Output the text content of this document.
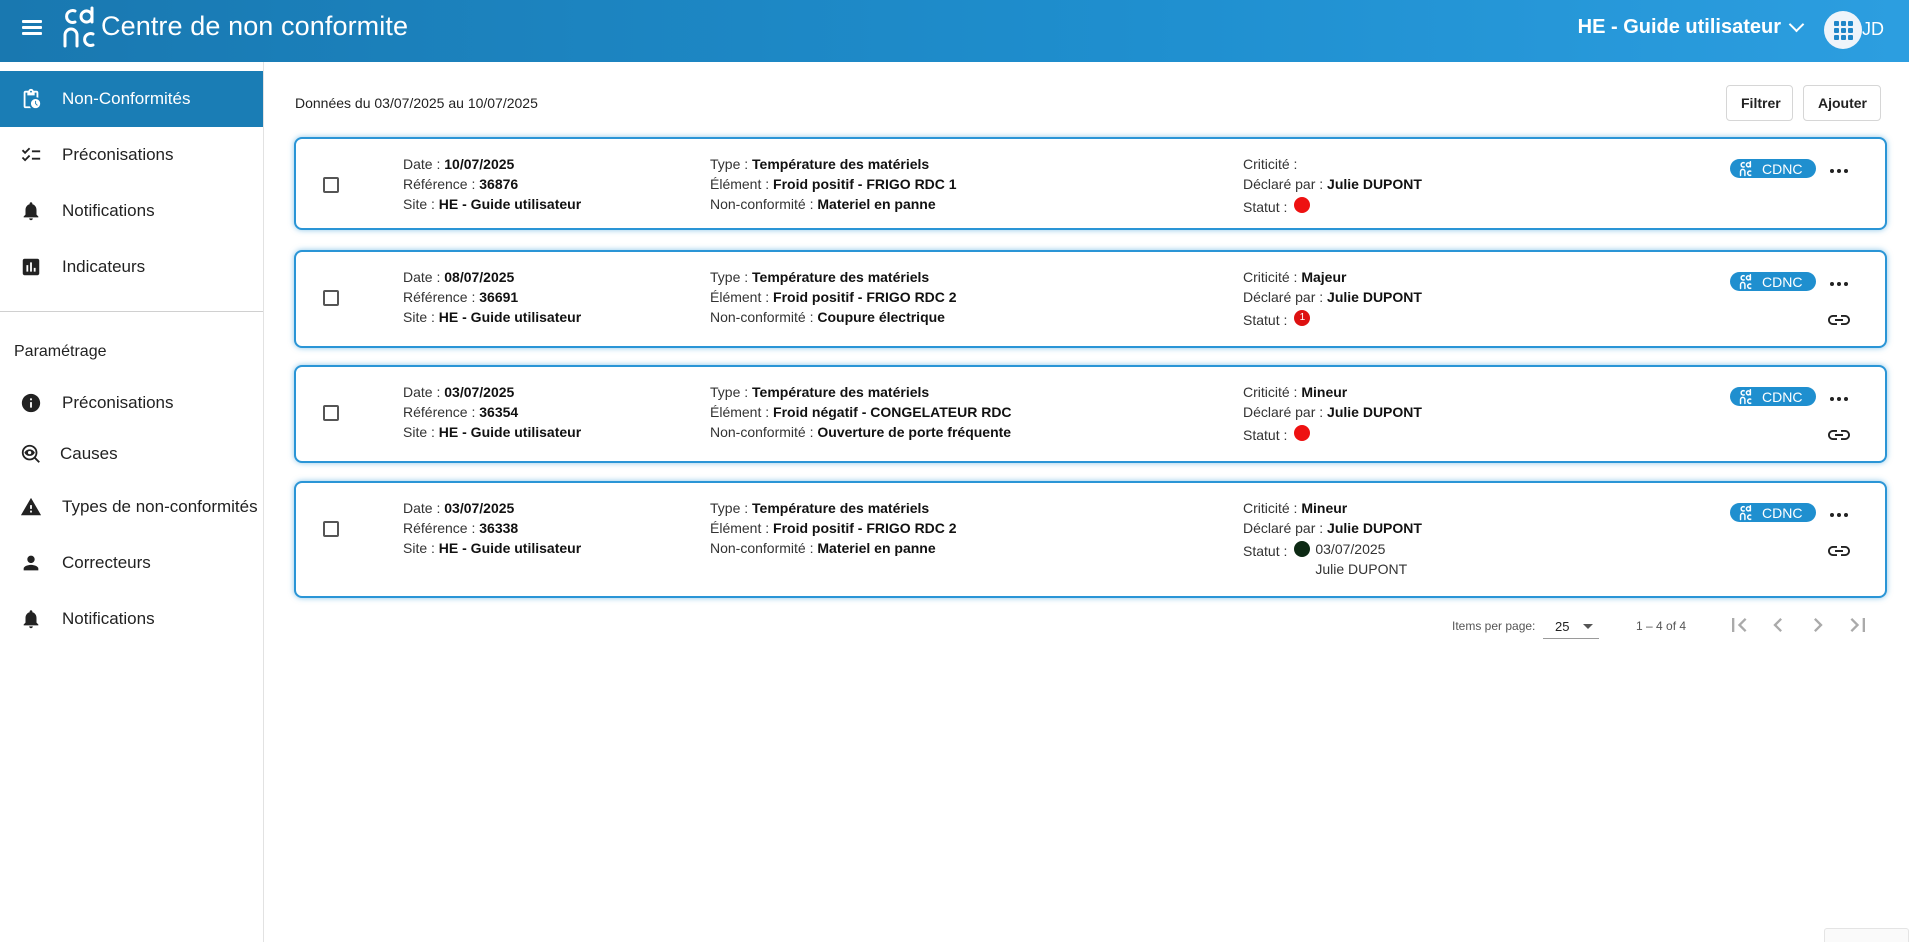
Centre de non conformite	HE - Guide utilisateur	JD
Non-Conformités
Préconisations
Notifications
Indicateurs
Paramétrage
Préconisations
Causes
Types de non-conformités
Correcteurs
Notifications
Données du 03/07/2025 au 10/07/2025	Filtrer	Ajouter
Date : 10/07/2025
Référence : 36876
Site : HE - Guide utilisateur
Type : Température des matériels
Élément : Froid positif - FRIGO RDC 1
Non-conformité : Materiel en panne
Criticité :
Déclaré par : Julie DUPONT
Statut :
CDNC
Date : 08/07/2025
Référence : 36691
Site : HE - Guide utilisateur
Type : Température des matériels
Élément : Froid positif - FRIGO RDC 2
Non-conformité : Coupure électrique
Criticité : Majeur
Déclaré par : Julie DUPONT
Statut :	1
CDNC
Date : 03/07/2025
Référence : 36354
Site : HE - Guide utilisateur
Type : Température des matériels
Élément : Froid négatif - CONGELATEUR RDC
Non-conformité : Ouverture de porte fréquente
Criticité : Mineur
Déclaré par : Julie DUPONT
Statut :
CDNC
Date : 03/07/2025
Référence : 36338
Site : HE - Guide utilisateur
Type : Température des matériels
Élément : Froid positif - FRIGO RDC 2
Non-conformité : Materiel en panne
Criticité : Mineur
Déclaré par : Julie DUPONT
Statut : 03/07/2025
Julie DUPONT
CDNC
Items per page: 25	1 – 4 of 4
